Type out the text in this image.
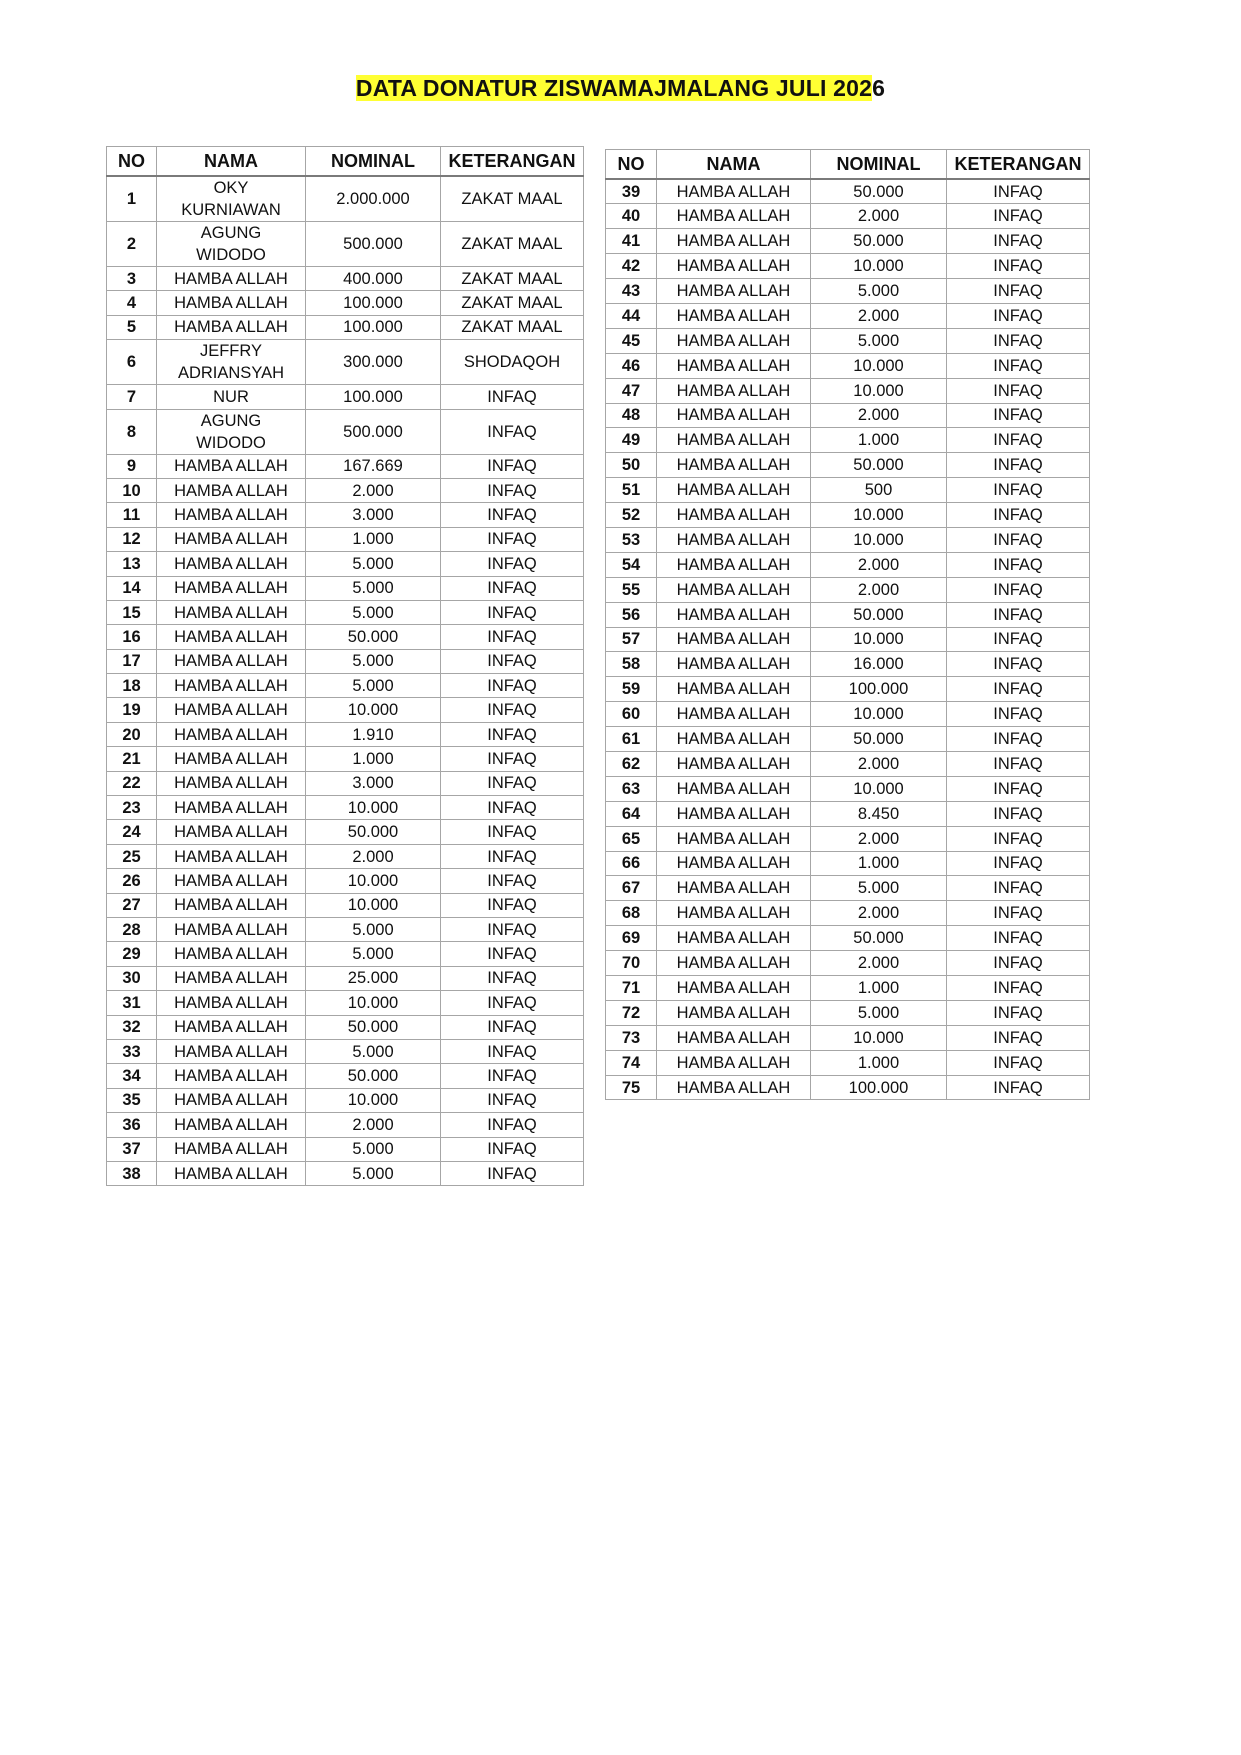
DATA DONATUR ZISWAMAJMALANG JULI 2026
NO	NAMA	NOMINAL	KETERANGAN
1	OKY KURNIAWAN	2.000.000	ZAKAT MAAL
2	AGUNG WIDODO	500.000	ZAKAT MAAL
3	HAMBA ALLAH	400.000	ZAKAT MAAL
4	HAMBA ALLAH	100.000	ZAKAT MAAL
5	HAMBA ALLAH	100.000	ZAKAT MAAL
6	JEFFRY ADRIANSYAH	300.000	SHODAQOH
7	NUR	100.000	INFAQ
8	AGUNG WIDODO	500.000	INFAQ
9	HAMBA ALLAH	167.669	INFAQ
10	HAMBA ALLAH	2.000	INFAQ
11	HAMBA ALLAH	3.000	INFAQ
12	HAMBA ALLAH	1.000	INFAQ
13	HAMBA ALLAH	5.000	INFAQ
14	HAMBA ALLAH	5.000	INFAQ
15	HAMBA ALLAH	5.000	INFAQ
16	HAMBA ALLAH	50.000	INFAQ
17	HAMBA ALLAH	5.000	INFAQ
18	HAMBA ALLAH	5.000	INFAQ
19	HAMBA ALLAH	10.000	INFAQ
20	HAMBA ALLAH	1.910	INFAQ
21	HAMBA ALLAH	1.000	INFAQ
22	HAMBA ALLAH	3.000	INFAQ
23	HAMBA ALLAH	10.000	INFAQ
24	HAMBA ALLAH	50.000	INFAQ
25	HAMBA ALLAH	2.000	INFAQ
26	HAMBA ALLAH	10.000	INFAQ
27	HAMBA ALLAH	10.000	INFAQ
28	HAMBA ALLAH	5.000	INFAQ
29	HAMBA ALLAH	5.000	INFAQ
30	HAMBA ALLAH	25.000	INFAQ
31	HAMBA ALLAH	10.000	INFAQ
32	HAMBA ALLAH	50.000	INFAQ
33	HAMBA ALLAH	5.000	INFAQ
34	HAMBA ALLAH	50.000	INFAQ
35	HAMBA ALLAH	10.000	INFAQ
36	HAMBA ALLAH	2.000	INFAQ
37	HAMBA ALLAH	5.000	INFAQ
38	HAMBA ALLAH	5.000	INFAQ
NO	NAMA	NOMINAL	KETERANGAN
39	HAMBA ALLAH	50.000	INFAQ
40	HAMBA ALLAH	2.000	INFAQ
41	HAMBA ALLAH	50.000	INFAQ
42	HAMBA ALLAH	10.000	INFAQ
43	HAMBA ALLAH	5.000	INFAQ
44	HAMBA ALLAH	2.000	INFAQ
45	HAMBA ALLAH	5.000	INFAQ
46	HAMBA ALLAH	10.000	INFAQ
47	HAMBA ALLAH	10.000	INFAQ
48	HAMBA ALLAH	2.000	INFAQ
49	HAMBA ALLAH	1.000	INFAQ
50	HAMBA ALLAH	50.000	INFAQ
51	HAMBA ALLAH	500	INFAQ
52	HAMBA ALLAH	10.000	INFAQ
53	HAMBA ALLAH	10.000	INFAQ
54	HAMBA ALLAH	2.000	INFAQ
55	HAMBA ALLAH	2.000	INFAQ
56	HAMBA ALLAH	50.000	INFAQ
57	HAMBA ALLAH	10.000	INFAQ
58	HAMBA ALLAH	16.000	INFAQ
59	HAMBA ALLAH	100.000	INFAQ
60	HAMBA ALLAH	10.000	INFAQ
61	HAMBA ALLAH	50.000	INFAQ
62	HAMBA ALLAH	2.000	INFAQ
63	HAMBA ALLAH	10.000	INFAQ
64	HAMBA ALLAH	8.450	INFAQ
65	HAMBA ALLAH	2.000	INFAQ
66	HAMBA ALLAH	1.000	INFAQ
67	HAMBA ALLAH	5.000	INFAQ
68	HAMBA ALLAH	2.000	INFAQ
69	HAMBA ALLAH	50.000	INFAQ
70	HAMBA ALLAH	2.000	INFAQ
71	HAMBA ALLAH	1.000	INFAQ
72	HAMBA ALLAH	5.000	INFAQ
73	HAMBA ALLAH	10.000	INFAQ
74	HAMBA ALLAH	1.000	INFAQ
75	HAMBA ALLAH	100.000	INFAQ
